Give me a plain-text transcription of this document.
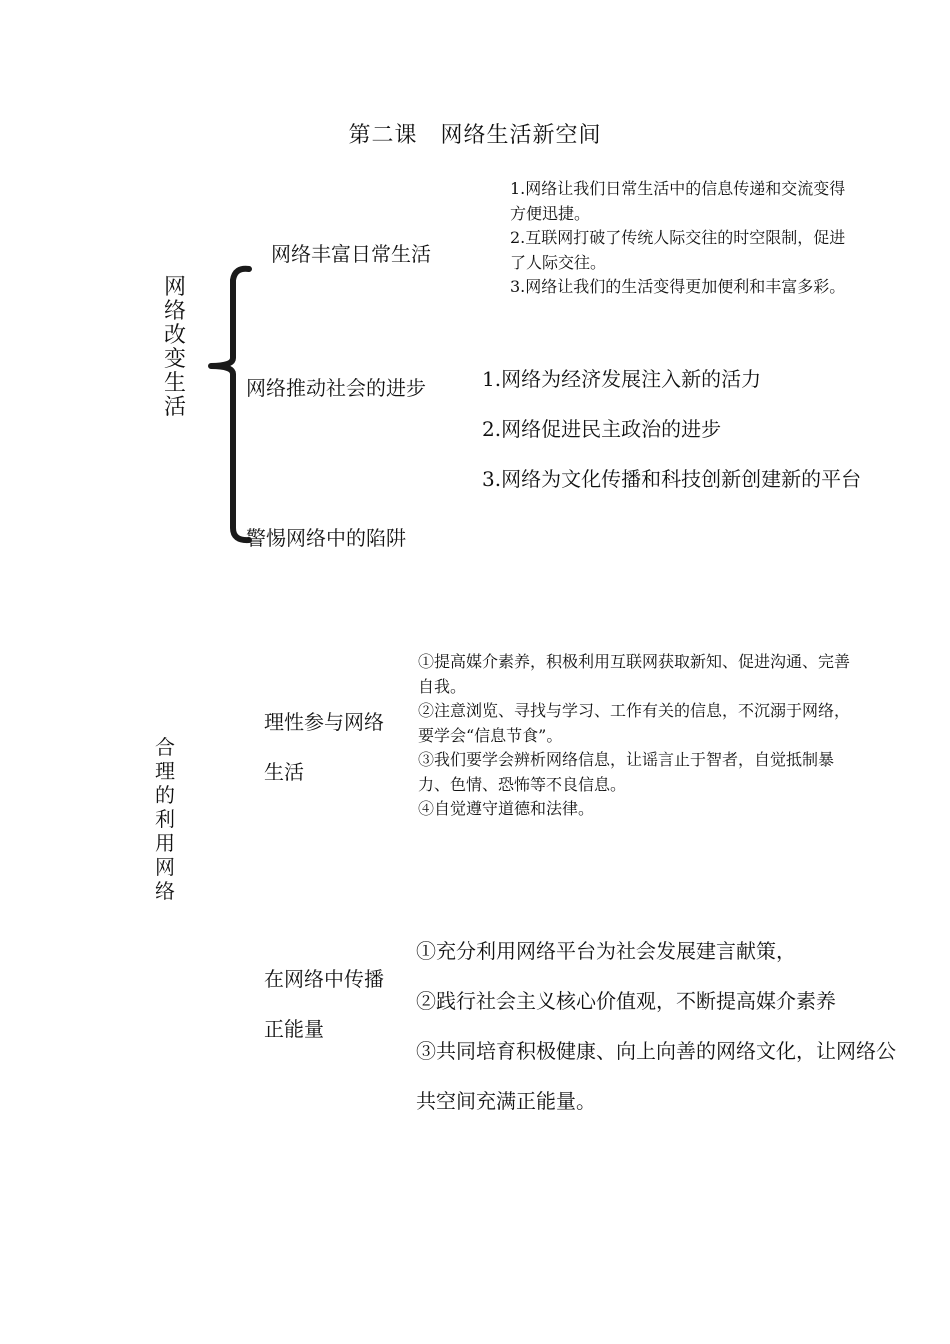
第二课　网络生活新空间
网络改变生活
网络丰富日常生活
1.网络让我们日常生活中的信息传递和交流变得方便迅捷。
2.互联网打破了传统人际交往的时空限制，促进了人际交往。
3.网络让我们的生活变得更加便利和丰富多彩。
网络推动社会的进步	1.网络为经济发展注入新的活力
2.网络促进民主政治的进步
3.网络为文化传播和科技创新创建新的平台
警惕网络中的陷阱
合理的利用网络
理性参与网络生活
①提高媒介素养，积极利用互联网获取新知、促进沟通、完善自我。
②注意浏览、寻找与学习、工作有关的信息，不沉溺于网络，要学会“信息节食”。
③我们要学会辨析网络信息，让谣言止于智者，自觉抵制暴力、色情、恐怖等不良信息。
④自觉遵守道德和法律。
在网络中传播正能量
①充分利用网络平台为社会发展建言献策，
②践行社会主义核心价值观，不断提高媒介素养
③共同培育积极健康、向上向善的网络文化，让网络公共空间充满正能量。
